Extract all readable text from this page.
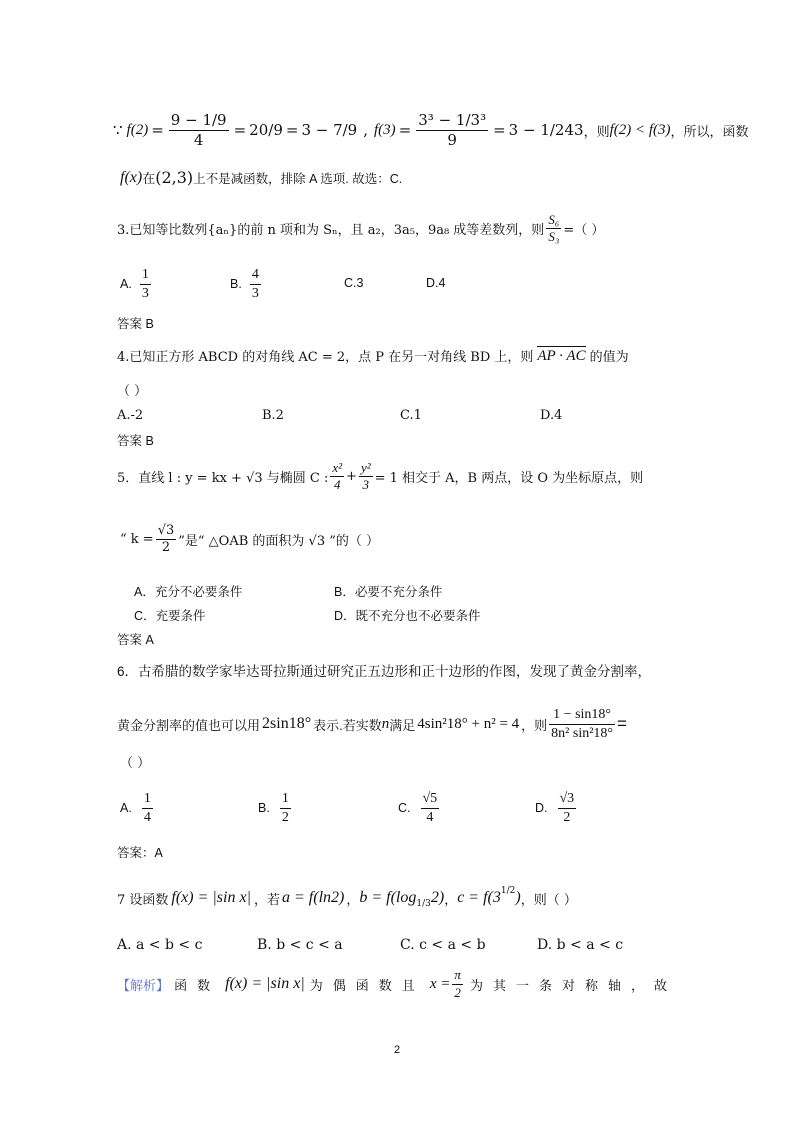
∵ $f(2) = \frac{9 - 1/9}{4} = 20/9 = 3 - 7/9$ , $f(3) = \frac{\text{3³ − 1/3³}}{9} = 3 - 1/243$ ，则 f(2) < f(3) ，所以，函数
f(x) 在 (2,3) 上不是减函数，排除 A 选项. 故选：C.
3.已知等比数列{aₙ}的前 n 项和为 Sₙ，且 a₂，3a₅，9a₈ 成等差数列，则 $\frac{\text{S₆}}{\text{S₃}}$ =（ ）
A. $\frac{1}{3}$	B. $\frac{4}{3}$	C.3	D.4
答案 B
4.已知正方形 ABCD 的对角线 AC = 2，点 P 在另一对角线 BD 上，则 AP · AC 的值为
（ ）
A.-2	B.2	C.1	D.4
答案 B
5．直线 l : y = kx + √3 与椭圆 C : $\frac{\text{x²}}{4} + \frac{\text{y²}}{3} = 1$ 相交于 A，B 两点，设 O 为坐标原点，则
“ $k = \frac{√3}{2}$ ”是“ △OAB 的面积为 √3 ”的（ ）
A．充分不必要条件	B．必要不充分条件
C．充要条件	D．既不充分也不必要条件
答案 A
6．古希腊的数学家毕达哥拉斯通过研究正五边形和正十边形的作图，发现了黄金分割率，
黄金分割率的值也可以用 2sin18° 表示.若实数 n 满足 4sin²18° + n² = 4 ，则 $\frac{1 - \sin 18^\circ}{\text{8n² sin²18°}}$ =
（ ）
A. $\frac{1}{4}$	B. $\frac{1}{2}$	C. $\frac{√5}{4}$	D. $\frac{√3}{2}$
答案：A
7 设函数 f(x) = |sin x| ，若 a = f(ln2) ， $b = f(\log_{1/3}$ 2) ， $c = f(3^{1/2}$ ) ，则（ ）
A. a < b < c	B. b < c < a	C. c < a < b	D. b < a < c
【解析】 函数 f(x) = |sin x| 为偶函数且 $x = \frac{\pi}{2}$ 为其一条对称轴，故
2
